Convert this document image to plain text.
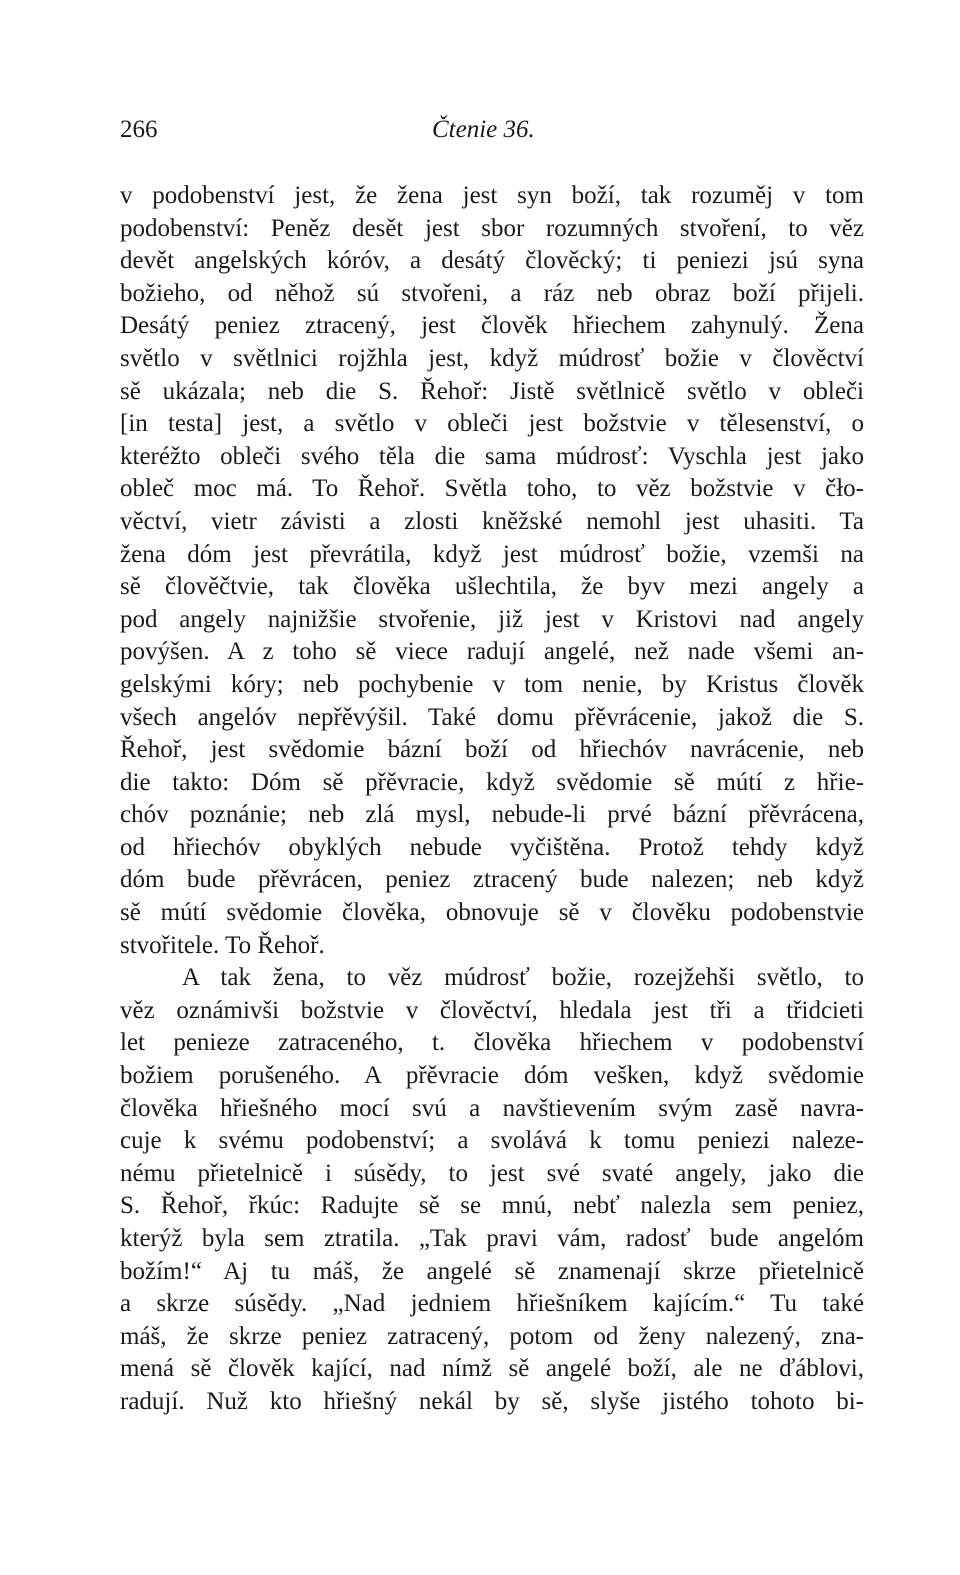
266	Čtenie 36.
v podobenství jest, že žena jest syn boží, tak rozuměj v tom
podobenství: Peněz desět jest sbor rozumných stvoření, to věz
devět angelských kóróv, a desátý člověcký; ti peniezi jsú syna
božieho, od něhož sú stvořeni, a ráz neb obraz boží přijeli.
Desátý peniez ztracený, jest člověk hřiechem zahynulý. Žena
světlo v světlnici rojžhla jest, když múdrosť božie v člověctví
sě ukázala; neb die S. Řehoř: Jistě světlnicě světlo v obleči
[in testa] jest, a světlo v obleči jest božstvie v tělesenství, o
kteréžto obleči svého těla die sama múdrosť: Vyschla jest jako
obleč moc má. To Řehoř. Světla toho, to věz božstvie v čło-
věctví, vietr závisti a zlosti kněžské nemohl jest uhasiti. Ta
žena dóm jest převrátila, když jest múdrosť božie, vzemši na
sě člověčtvie, tak člověka ušlechtila, že byv mezi angely a
pod angely najnižšie stvořenie, již jest v Kristovi nad angely
povýšen. A z toho sě viece radují angelé, než nade všemi an-
gelskými kóry; neb pochybenie v tom nenie, by Kristus člověk
všech angelóv nepřěvýšil. Také domu přěvrácenie, jakož die S.
Řehoř, jest svědomie bázní boží od hřiechóv navrácenie, neb
die takto: Dóm sě přěvracie, když svědomie sě mútí z hřie-
chóv poznánie; neb zlá mysl, nebude-li prvé bázní přěvrácena,
od hřiechóv obyklých nebude vyčištěna. Protož tehdy když
dóm bude přěvrácen, peniez ztracený bude nalezen; neb když
sě mútí svědomie člověka, obnovuje sě v člověku podobenstvie
stvořitele. To Řehoř.
A tak žena, to věz múdrosť božie, rozejžehši světlo, to
věz oznámivši božstvie v člověctví, hledala jest tři a třidcieti
let penieze zatraceného, t. člověka hřiechem v podobenství
božiem porušeného. A přěvracie dóm vešken, když svědomie
člověka hřiešného mocí svú a navštievením svým zasě navra-
cuje k svému podobenství; a svolává k tomu peniezi naleze-
nému přietelnicě i súsědy, to jest své svaté angely, jako die
S. Řehoř, řkúc: Radujte sě se mnú, nebť nalezla sem peniez,
kterýž byla sem ztratila. „Tak pravi vám, radosť bude angelóm
božím!“ Aj tu máš, že angelé sě znamenají skrze přietelnicě
a skrze súsědy. „Nad jedniem hřiešníkem kajícím.“ Tu také
máš, že skrze peniez zatracený, potom od ženy nalezený, zna-
mená sě člověk kající, nad nímž sě angelé boží, ale ne ďáblovi,
radují. Nuž kto hřiešný nekál by sě, slyše jistého tohoto bi-
